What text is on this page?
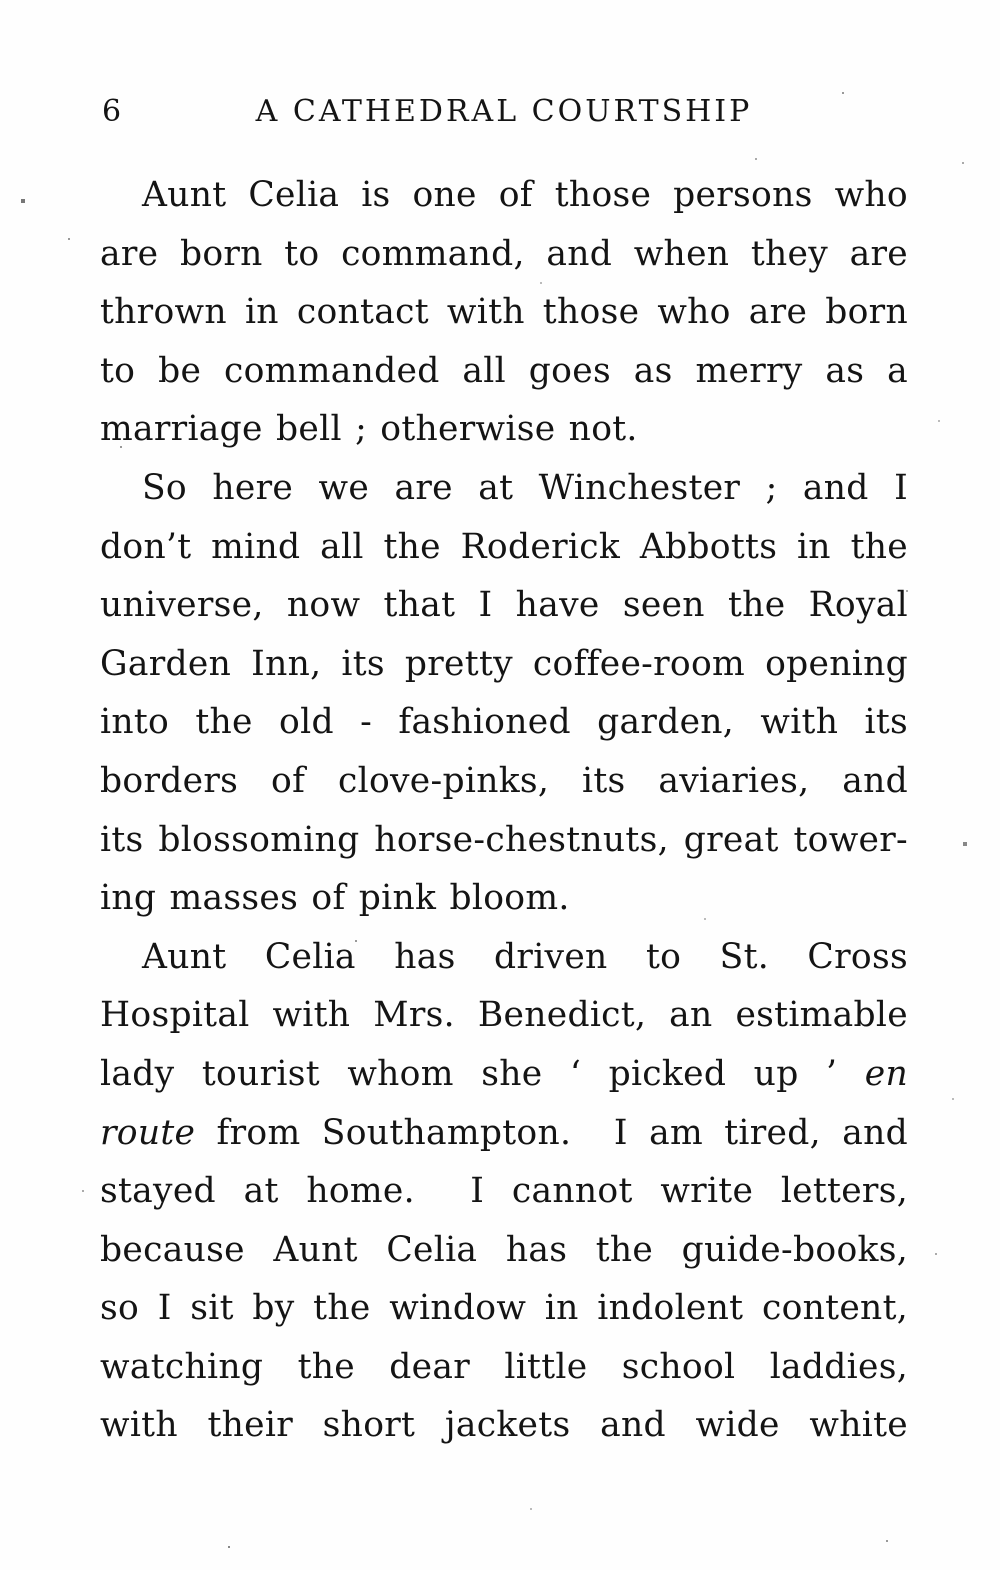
6	A CATHEDRAL COURTSHIP
Aunt Celia is one of those persons who
are born to command, and when they are
thrown in contact with those who are born
to be commanded all goes as merry as a
marriage bell ; otherwise not.
So here we are at Winchester ; and I
don’t mind all the Roderick Abbotts in the
universe, now that I have seen the Royal
Garden Inn, its pretty coffee-room opening
into the old - fashioned garden, with its
borders of clove-pinks, its aviaries, and
its blossoming horse-chestnuts, great tower-
ing masses of pink bloom.
Aunt Celia has driven to St. Cross
Hospital with Mrs. Benedict, an estimable
lady tourist whom she ‘ picked up ’ en
route from Southampton.  I am tired, and
stayed at home.  I cannot write letters,
because Aunt Celia has the guide-books,
so I sit by the window in indolent content,
watching the dear little school laddies,
with their short jackets and wide white
